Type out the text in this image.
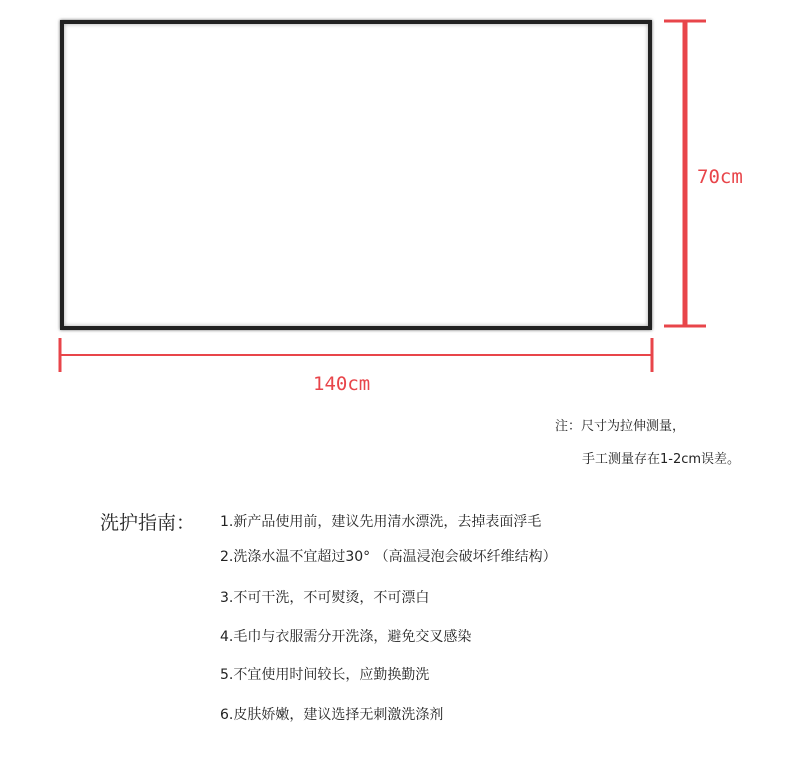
70cm
140cm
注：尺寸为拉伸测量，
手工测量存在1-2cm误差。
洗护指南： 1.新产品使用前，建议先用清水漂洗，去掉表面浮毛
2.洗涤水温不宜超过30° （高温浸泡会破坏纤维结构）
3.不可干洗，不可熨烫，不可漂白
4.毛巾与衣服需分开洗涤，避免交叉感染
5.不宜使用时间较长，应勤换勤洗
6.皮肤娇嫩，建议选择无刺激洗涤剂
